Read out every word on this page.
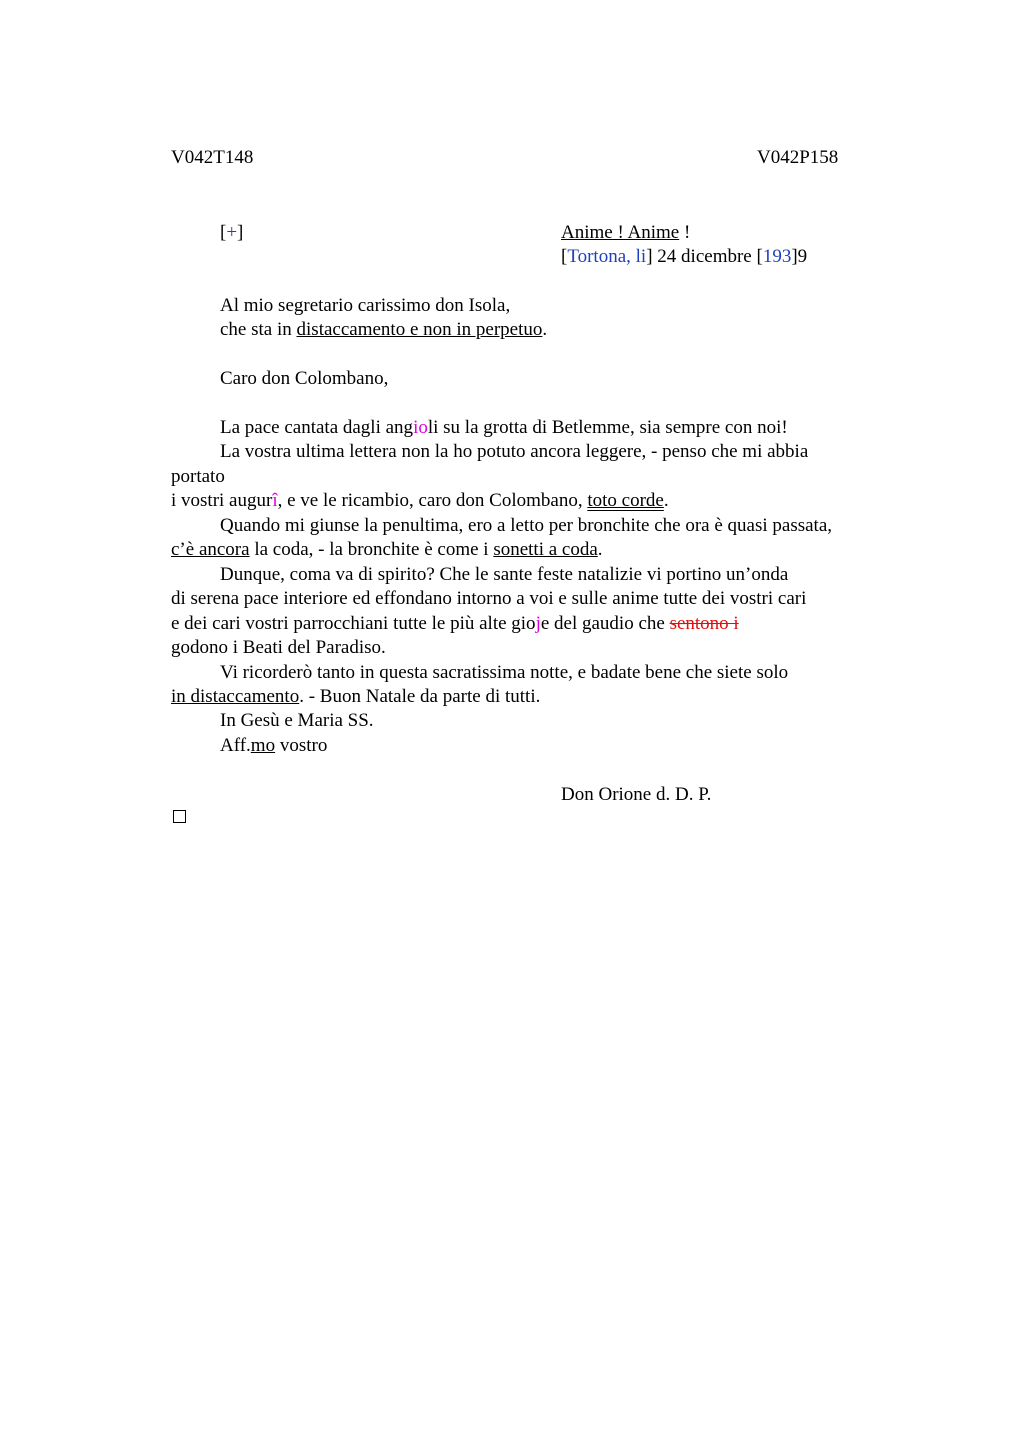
V042T148	V042P158
[+]	Anime ! Anime !
[Tortona, li] 24 dicembre [193]9
Al mio segretario carissimo don Isola,
che sta in distaccamento e non in perpetuo.
Caro don Colombano,
La pace cantata dagli angioli su la grotta di Betlemme, sia sempre con noi!
La vostra ultima lettera non la ho potuto ancora leggere, - penso che mi abbia
portato
i vostri augurî, e ve le ricambio, caro don Colombano, toto corde.
Quando mi giunse la penultima, ero a letto per bronchite che ora è quasi passata,
c’è ancora la coda, - la bronchite è come i sonetti a coda.
Dunque, coma va di spirito? Che le sante feste natalizie vi portino un’onda
di serena pace interiore ed effondano intorno a voi e sulle anime tutte dei vostri cari
e dei cari vostri parrocchiani tutte le più alte gioje del gaudio che sentono i
godono i Beati del Paradiso.
Vi ricorderò tanto in questa sacratissima notte, e badate bene che siete solo
in distaccamento. - Buon Natale da parte di tutti.
In Gesù e Maria SS.
Aff.mo vostro
Don Orione d. D. P.
